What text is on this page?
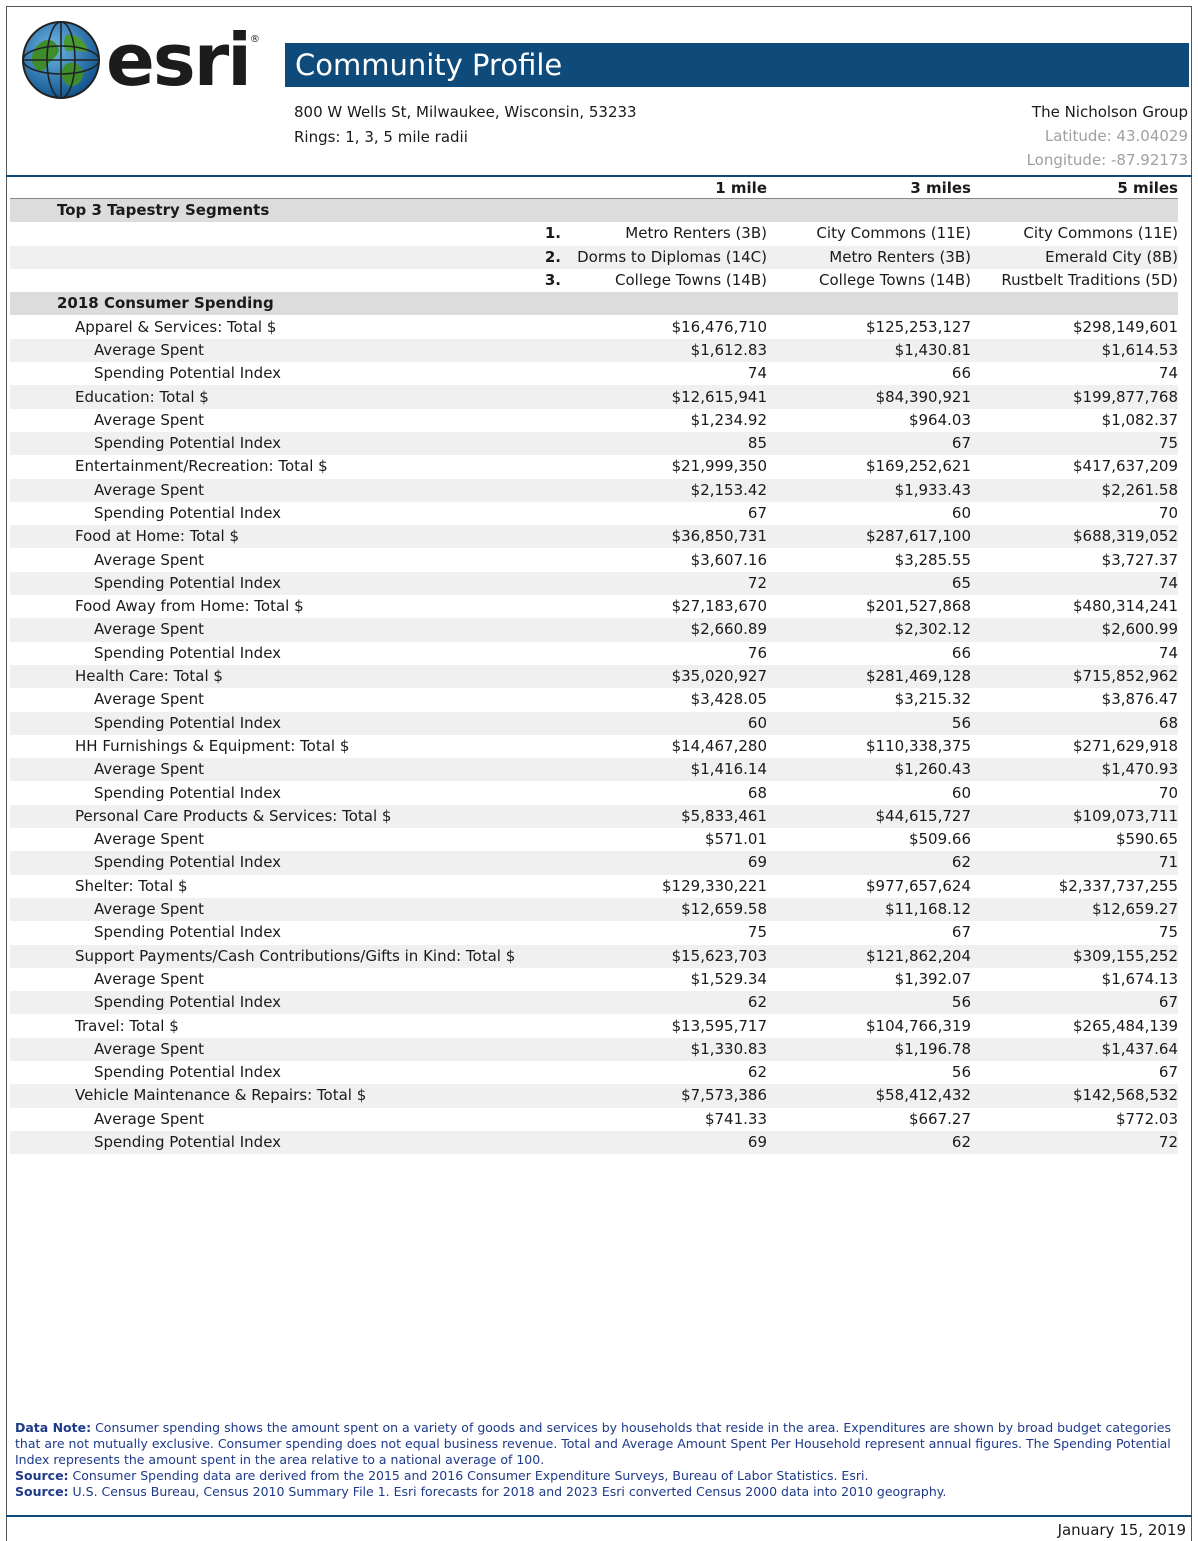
esri ®
Community Profile
800 W Wells St, Milwaukee, Wisconsin, 53233
Rings: 1, 3, 5 mile radii
The Nicholson Group
Latitude: 43.04029
Longitude: -87.92173
	1 mile	3 miles	5 miles
Top 3 Tapestry Segments			
1.	Metro Renters (3B)	City Commons (11E)	City Commons (11E)
2.	Dorms to Diplomas (14C)	Metro Renters (3B)	Emerald City (8B)
3.	College Towns (14B)	College Towns (14B)	Rustbelt Traditions (5D)
2018 Consumer Spending			
Apparel & Services: Total $	$16,476,710	$125,253,127	$298,149,601
Average Spent	$1,612.83	$1,430.81	$1,614.53
Spending Potential Index	74	66	74
Education: Total $	$12,615,941	$84,390,921	$199,877,768
Average Spent	$1,234.92	$964.03	$1,082.37
Spending Potential Index	85	67	75
Entertainment/Recreation: Total $	$21,999,350	$169,252,621	$417,637,209
Average Spent	$2,153.42	$1,933.43	$2,261.58
Spending Potential Index	67	60	70
Food at Home: Total $	$36,850,731	$287,617,100	$688,319,052
Average Spent	$3,607.16	$3,285.55	$3,727.37
Spending Potential Index	72	65	74
Food Away from Home: Total $	$27,183,670	$201,527,868	$480,314,241
Average Spent	$2,660.89	$2,302.12	$2,600.99
Spending Potential Index	76	66	74
Health Care: Total $	$35,020,927	$281,469,128	$715,852,962
Average Spent	$3,428.05	$3,215.32	$3,876.47
Spending Potential Index	60	56	68
HH Furnishings & Equipment: Total $	$14,467,280	$110,338,375	$271,629,918
Average Spent	$1,416.14	$1,260.43	$1,470.93
Spending Potential Index	68	60	70
Personal Care Products & Services: Total $	$5,833,461	$44,615,727	$109,073,711
Average Spent	$571.01	$509.66	$590.65
Spending Potential Index	69	62	71
Shelter: Total $	$129,330,221	$977,657,624	$2,337,737,255
Average Spent	$12,659.58	$11,168.12	$12,659.27
Spending Potential Index	75	67	75
Support Payments/Cash Contributions/Gifts in Kind: Total $	$15,623,703	$121,862,204	$309,155,252
Average Spent	$1,529.34	$1,392.07	$1,674.13
Spending Potential Index	62	56	67
Travel: Total $	$13,595,717	$104,766,319	$265,484,139
Average Spent	$1,330.83	$1,196.78	$1,437.64
Spending Potential Index	62	56	67
Vehicle Maintenance & Repairs: Total $	$7,573,386	$58,412,432	$142,568,532
Average Spent	$741.33	$667.27	$772.03
Spending Potential Index	69	62	72
Data Note: Consumer spending shows the amount spent on a variety of goods and services by households that reside in the area. Expenditures are shown by broad budget categories that are not mutually exclusive. Consumer spending does not equal business revenue. Total and Average Amount Spent Per Household represent annual figures. The Spending Potential Index represents the amount spent in the area relative to a national average of 100.
Source: Consumer Spending data are derived from the 2015 and 2016 Consumer Expenditure Surveys, Bureau of Labor Statistics. Esri.
Source: U.S. Census Bureau, Census 2010 Summary File 1. Esri forecasts for 2018 and 2023 Esri converted Census 2000 data into 2010 geography.
January 15, 2019
